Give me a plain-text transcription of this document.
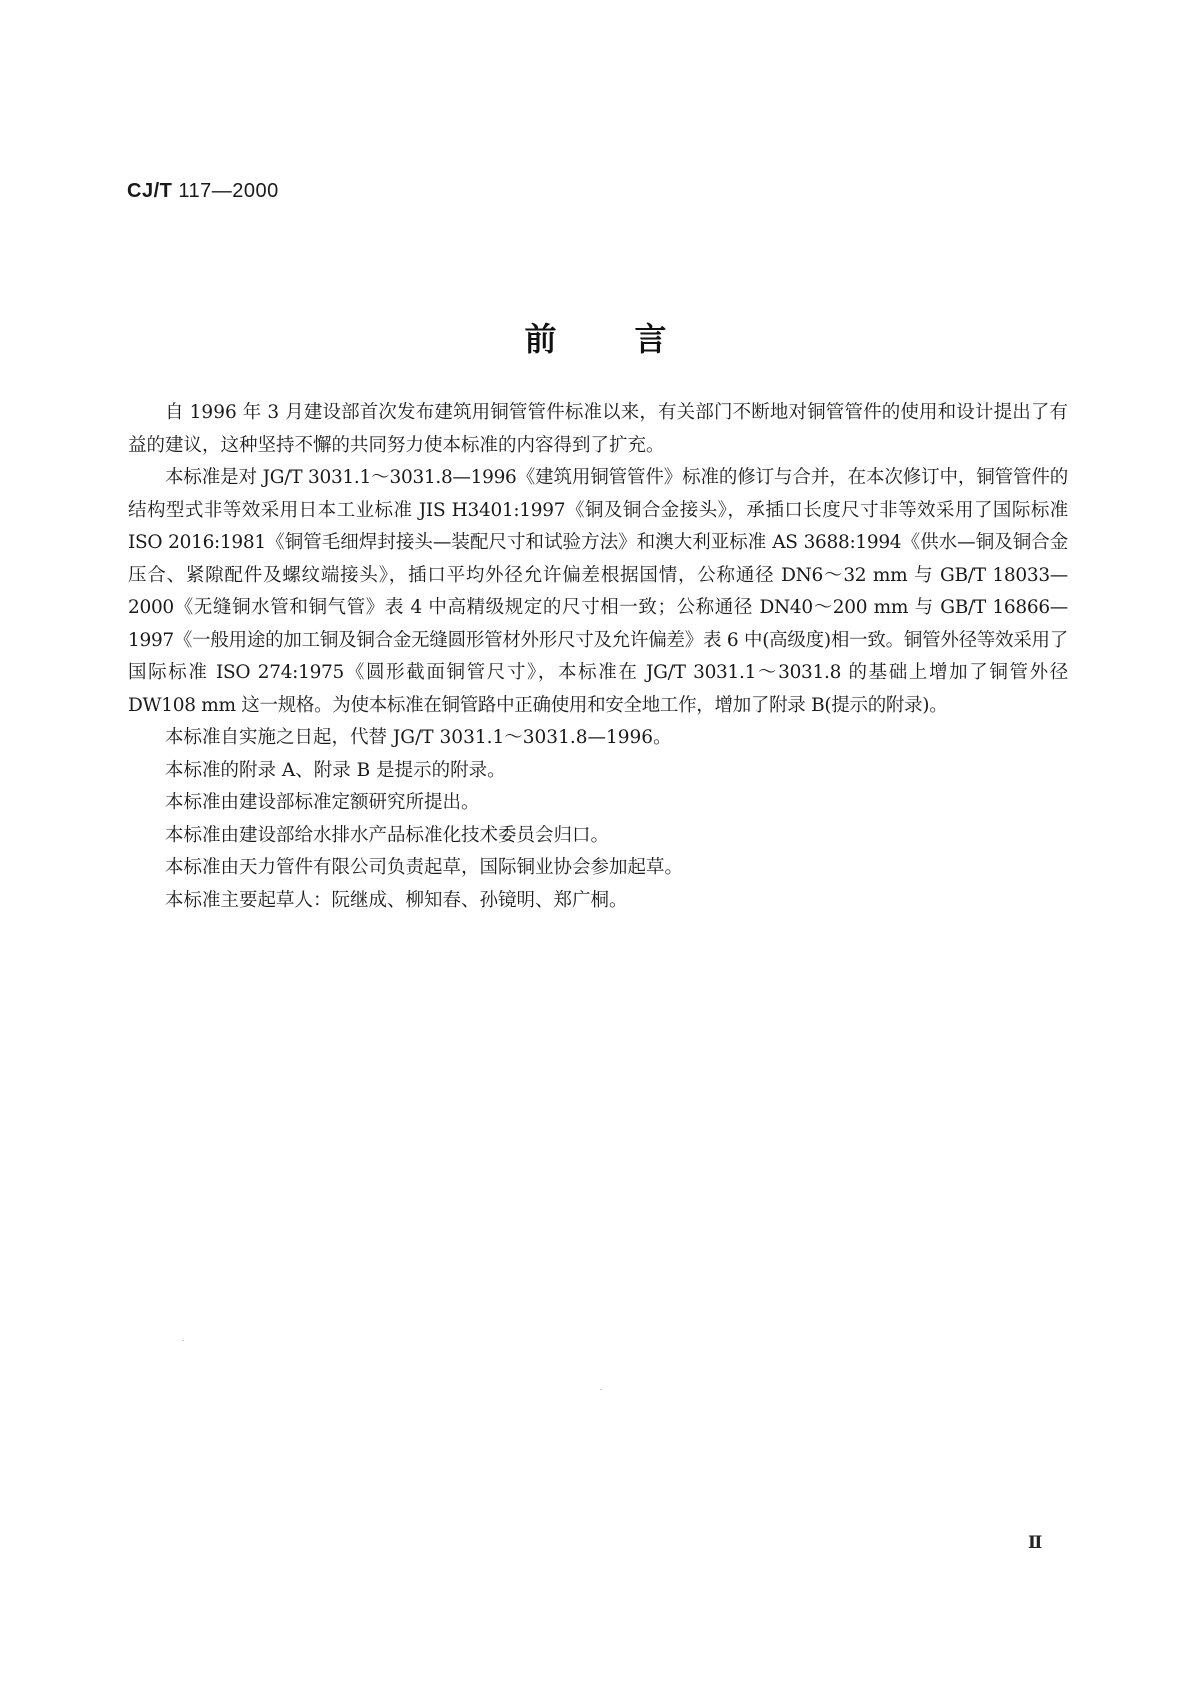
CJ/T 117—2000
前言

自 1996 年 3 月建设部首次发布建筑用铜管管件标准以来，有关部门不断地对铜管管件的使用和设计提出了有益的建议，这种坚持不懈的共同努力使本标准的内容得到了扩充。

本标准是对 JG/T 3031.1～3031.8—1996《建筑用铜管管件》标准的修订与合并，在本次修订中，铜管管件的结构型式非等效采用日本工业标准 JIS H3401:1997《铜及铜合金接头》，承插口长度尺寸非等效采用了国际标准 ISO 2016:1981《铜管毛细焊封接头—装配尺寸和试验方法》和澳大利亚标准 AS 3688:1994《供水—铜及铜合金压合、紧隙配件及螺纹端接头》，插口平均外径允许偏差根据国情，公称通径 DN6～32 mm 与 GB/T 18033—2000《无缝铜水管和铜气管》表 4 中高精级规定的尺寸相一致；公称通径 DN40～200 mm 与 GB/T 16866—1997《一般用途的加工铜及铜合金无缝圆形管材外形尺寸及允许偏差》表 6 中(高级度)相一致。铜管外径等效采用了国际标准 ISO 274:1975《圆形截面铜管尺寸》，本标准在 JG/T 3031.1～3031.8 的基础上增加了铜管外径 DW108 mm 这一规格。为使本标准在铜管路中正确使用和安全地工作，增加了附录 B(提示的附录)。

本标准自实施之日起，代替 JG/T 3031.1～3031.8—1996。

本标准的附录 A、附录 B 是提示的附录。

本标准由建设部标准定额研究所提出。

本标准由建设部给水排水产品标准化技术委员会归口。

本标准由天力管件有限公司负责起草，国际铜业协会参加起草。

本标准主要起草人：阮继成、柳知春、孙镜明、郑广桐。

Ⅱ
